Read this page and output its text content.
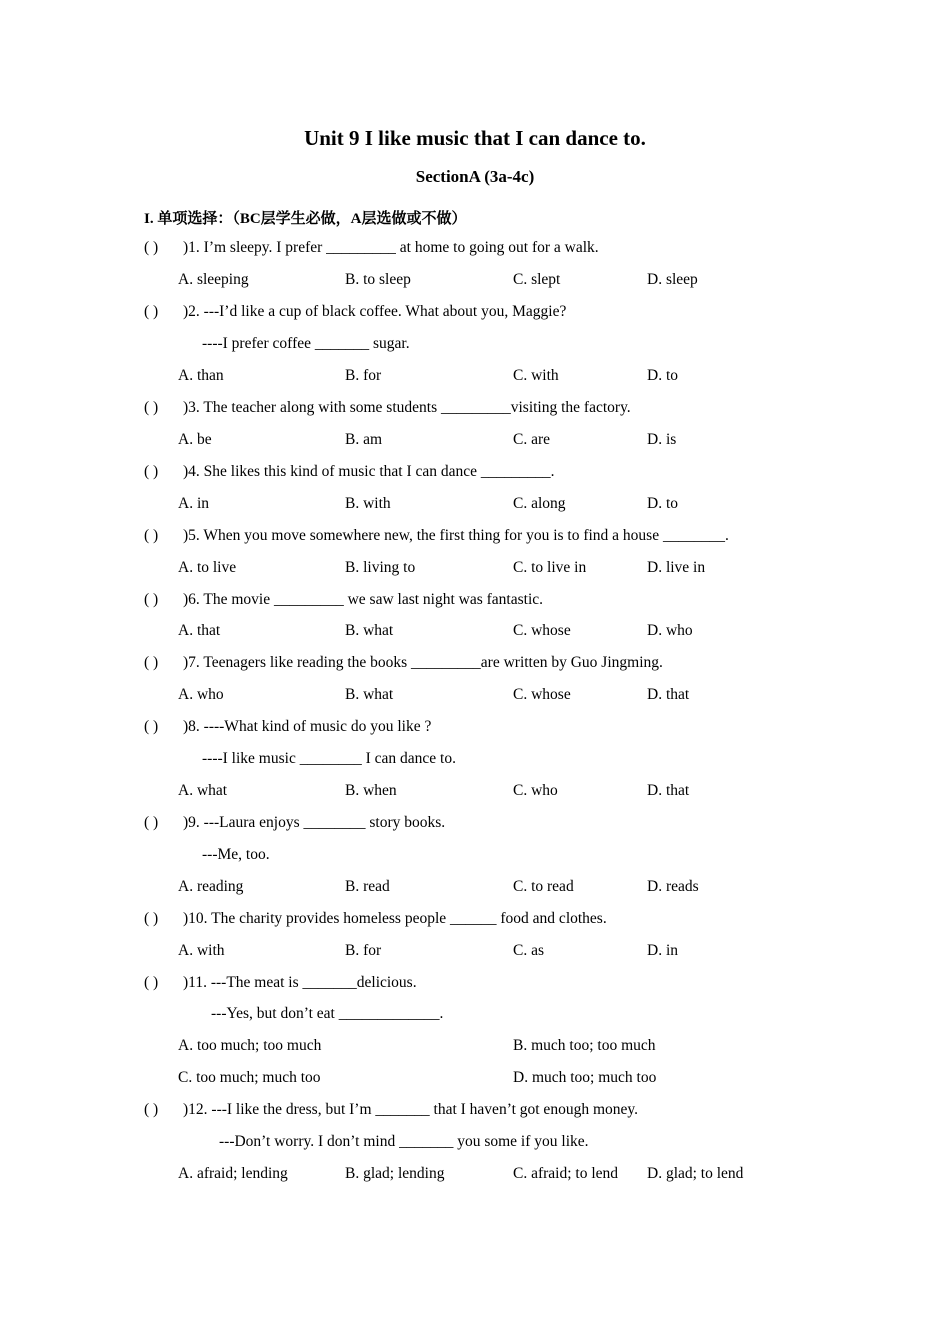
Unit 9 I like music that I can dance to.
SectionA (3a-4c)
I. 单项选择：（BC层学生必做，A层选做或不做）
( ) )1. I’m sleepy. I prefer _________ at home to going out for a walk.
A. sleeping	B. to sleep	C. slept	D. sleep
( ) )2. ---I’d like a cup of black coffee. What about you, Maggie?
----I prefer coffee _______ sugar.
A. than	B. for	C. with	D. to
( ) )3. The teacher along with some students _________visiting the factory.
A. be	B. am	C. are	D. is
( ) )4. She likes this kind of music that I can dance _________.
A. in	B. with	C. along	D. to
( ) )5. When you move somewhere new, the first thing for you is to find a house ________.
A. to live	B. living to	C. to live in	D. live in
( ) )6. The movie _________ we saw last night was fantastic.
A. that	B. what	C. whose	D. who
( ) )7. Teenagers like reading the books _________are written by Guo Jingming.
A. who	B. what	C. whose	D. that
( ) )8. ----What kind of music do you like ?
----I like music ________ I can dance to.
A. what	B. when	C. who	D. that
( ) )9. ---Laura enjoys ________ story books.
---Me, too.
A. reading	B. read	C. to read	D. reads
( ) )10. The charity provides homeless people ______ food and clothes.
A. with	B. for	C. as	D. in
( ) )11. ---The meat is _______delicious.
---Yes, but don’t eat _____________.
A. too much; too much	B. much too; too much
C. too much; much too	D. much too; much too
( ) )12. ---I like the dress, but I’m _______ that I haven’t got enough money.
---Don’t worry. I don’t mind _______ you some if you like.
A. afraid; lending	B. glad; lending	C. afraid; to lend D. glad; to lend
